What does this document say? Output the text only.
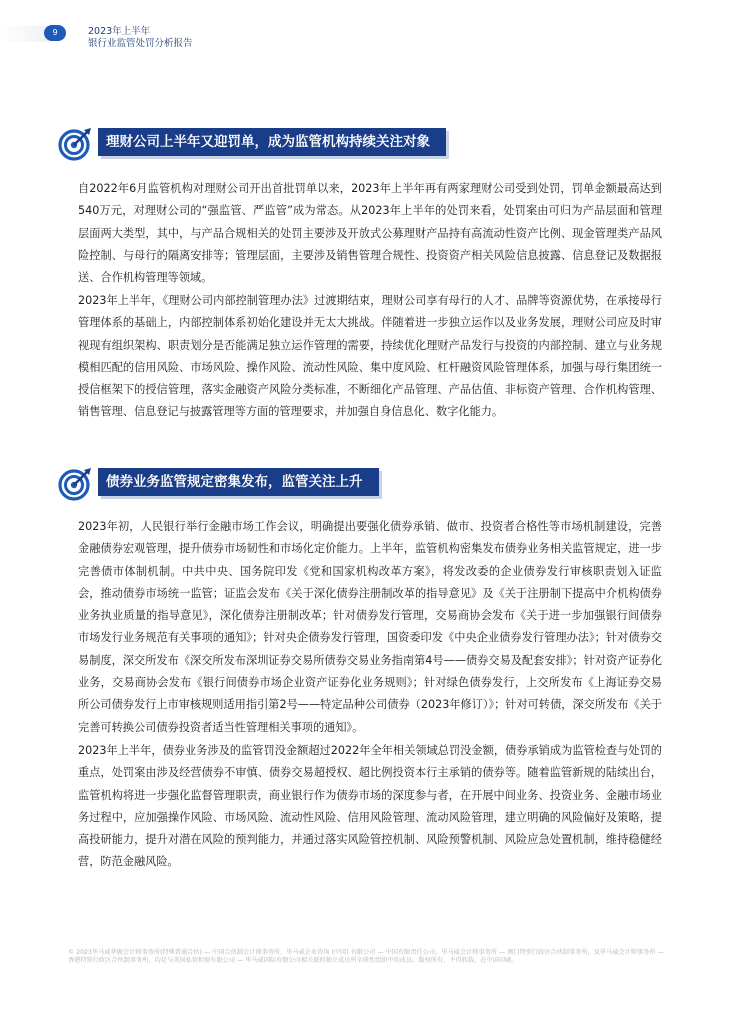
9	2023年上半年
银行业监管处罚分析报告
理财公司上半年又迎罚单，成为监管机构持续关注对象

自2022年6月监管机构对理财公司开出首批罚单以来，2023年上半年再有两家理财公司受到处罚，罚单金额最高达到540万元，对理财公司的“强监管、严监管”成为常态。从2023年上半年的处罚来看，处罚案由可归为产品层面和管理层面两大类型，其中，与产品合规相关的处罚主要涉及开放式公募理财产品持有高流动性资产比例、现金管理类产品风险控制、与母行的隔离安排等；管理层面，主要涉及销售管理合规性、投资资产相关风险信息披露、信息登记及数据报送、合作机构管理等领域。

2023年上半年，《理财公司内部控制管理办法》过渡期结束，理财公司享有母行的人才、品牌等资源优势，在承接母行管理体系的基础上，内部控制体系初始化建设并无太大挑战。伴随着进一步独立运作以及业务发展，理财公司应及时审视现有组织架构、职责划分是否能满足独立运作管理的需要，持续优化理财产品发行与投资的内部控制、建立与业务规模相匹配的信用风险、市场风险、操作风险、流动性风险、集中度风险、杠杆融资风险管理体系，加强与母行集团统一授信框架下的授信管理，落实金融资产风险分类标准，不断细化产品管理、产品估值、非标资产管理、合作机构管理、销售管理、信息登记与披露管理等方面的管理要求，并加强自身信息化、数字化能力。

债券业务监管规定密集发布，监管关注上升

2023年初，人民银行举行金融市场工作会议，明确提出要强化债券承销、做市、投资者合格性等市场机制建设，完善金融债券宏观管理，提升债券市场韧性和市场化定价能力。上半年，监管机构密集发布债券业务相关监管规定，进一步完善债市体制机制。中共中央、国务院印发《党和国家机构改革方案》，将发改委的企业债券发行审核职责划入证监会，推动债券市场统一监管；证监会发布《关于深化债券注册制改革的指导意见》及《关于注册制下提高中介机构债券业务执业质量的指导意见》，深化债券注册制改革；针对债券发行管理，交易商协会发布《关于进一步加强银行间债券市场发行业务规范有关事项的通知》；针对央企债券发行管理，国资委印发《中央企业债券发行管理办法》；针对债券交易制度，深交所发布《深交所发布深圳证券交易所债券交易业务指南第4号——债券交易及配套安排》；针对资产证券化业务，交易商协会发布《银行间债券市场企业资产证券化业务规则》；针对绿色债券发行，上交所发布《上海证券交易所公司债券发行上市审核规则适用指引第2号——特定品种公司债券（2023年修订）》；针对可转债，深交所发布《关于完善可转换公司债券投资者适当性管理相关事项的通知》。

2023年上半年，债券业务涉及的监管罚没金额超过2022年全年相关领域总罚没金额，债券承销成为监管检查与处罚的重点，处罚案由涉及经营债券不审慎、债券交易超授权、超比例投资本行主承销的债券等。随着监管新规的陆续出台，监管机构将进一步强化监督管理职责，商业银行作为债券市场的深度参与者，在开展中间业务、投资业务、金融市场业务过程中，应加强操作风险、市场风险、流动性风险、信用风险管理、流动风险管理，建立明确的风险偏好及策略，提高投研能力，提升对潜在风险的预判能力，并通过落实风险管控机制、风险预警机制、风险应急处置机制，维持稳健经营，防范金融风险。

© 2023毕马威华振会计师事务所(特殊普通合伙) — 中国合伙制会计师事务所，毕马威企业咨询 (中国) 有限公司 — 中国有限责任公司，毕马威会计师事务所 — 澳门特别行政区合伙制事务所，及毕马威会计师事务所 — 香港特别行政区合伙制事务所，均是与英国私营担保有限公司 — 毕马威国际有限公司相关联的独立成员所全球性组织中的成员。版权所有，不得转载。在中国印刷。
